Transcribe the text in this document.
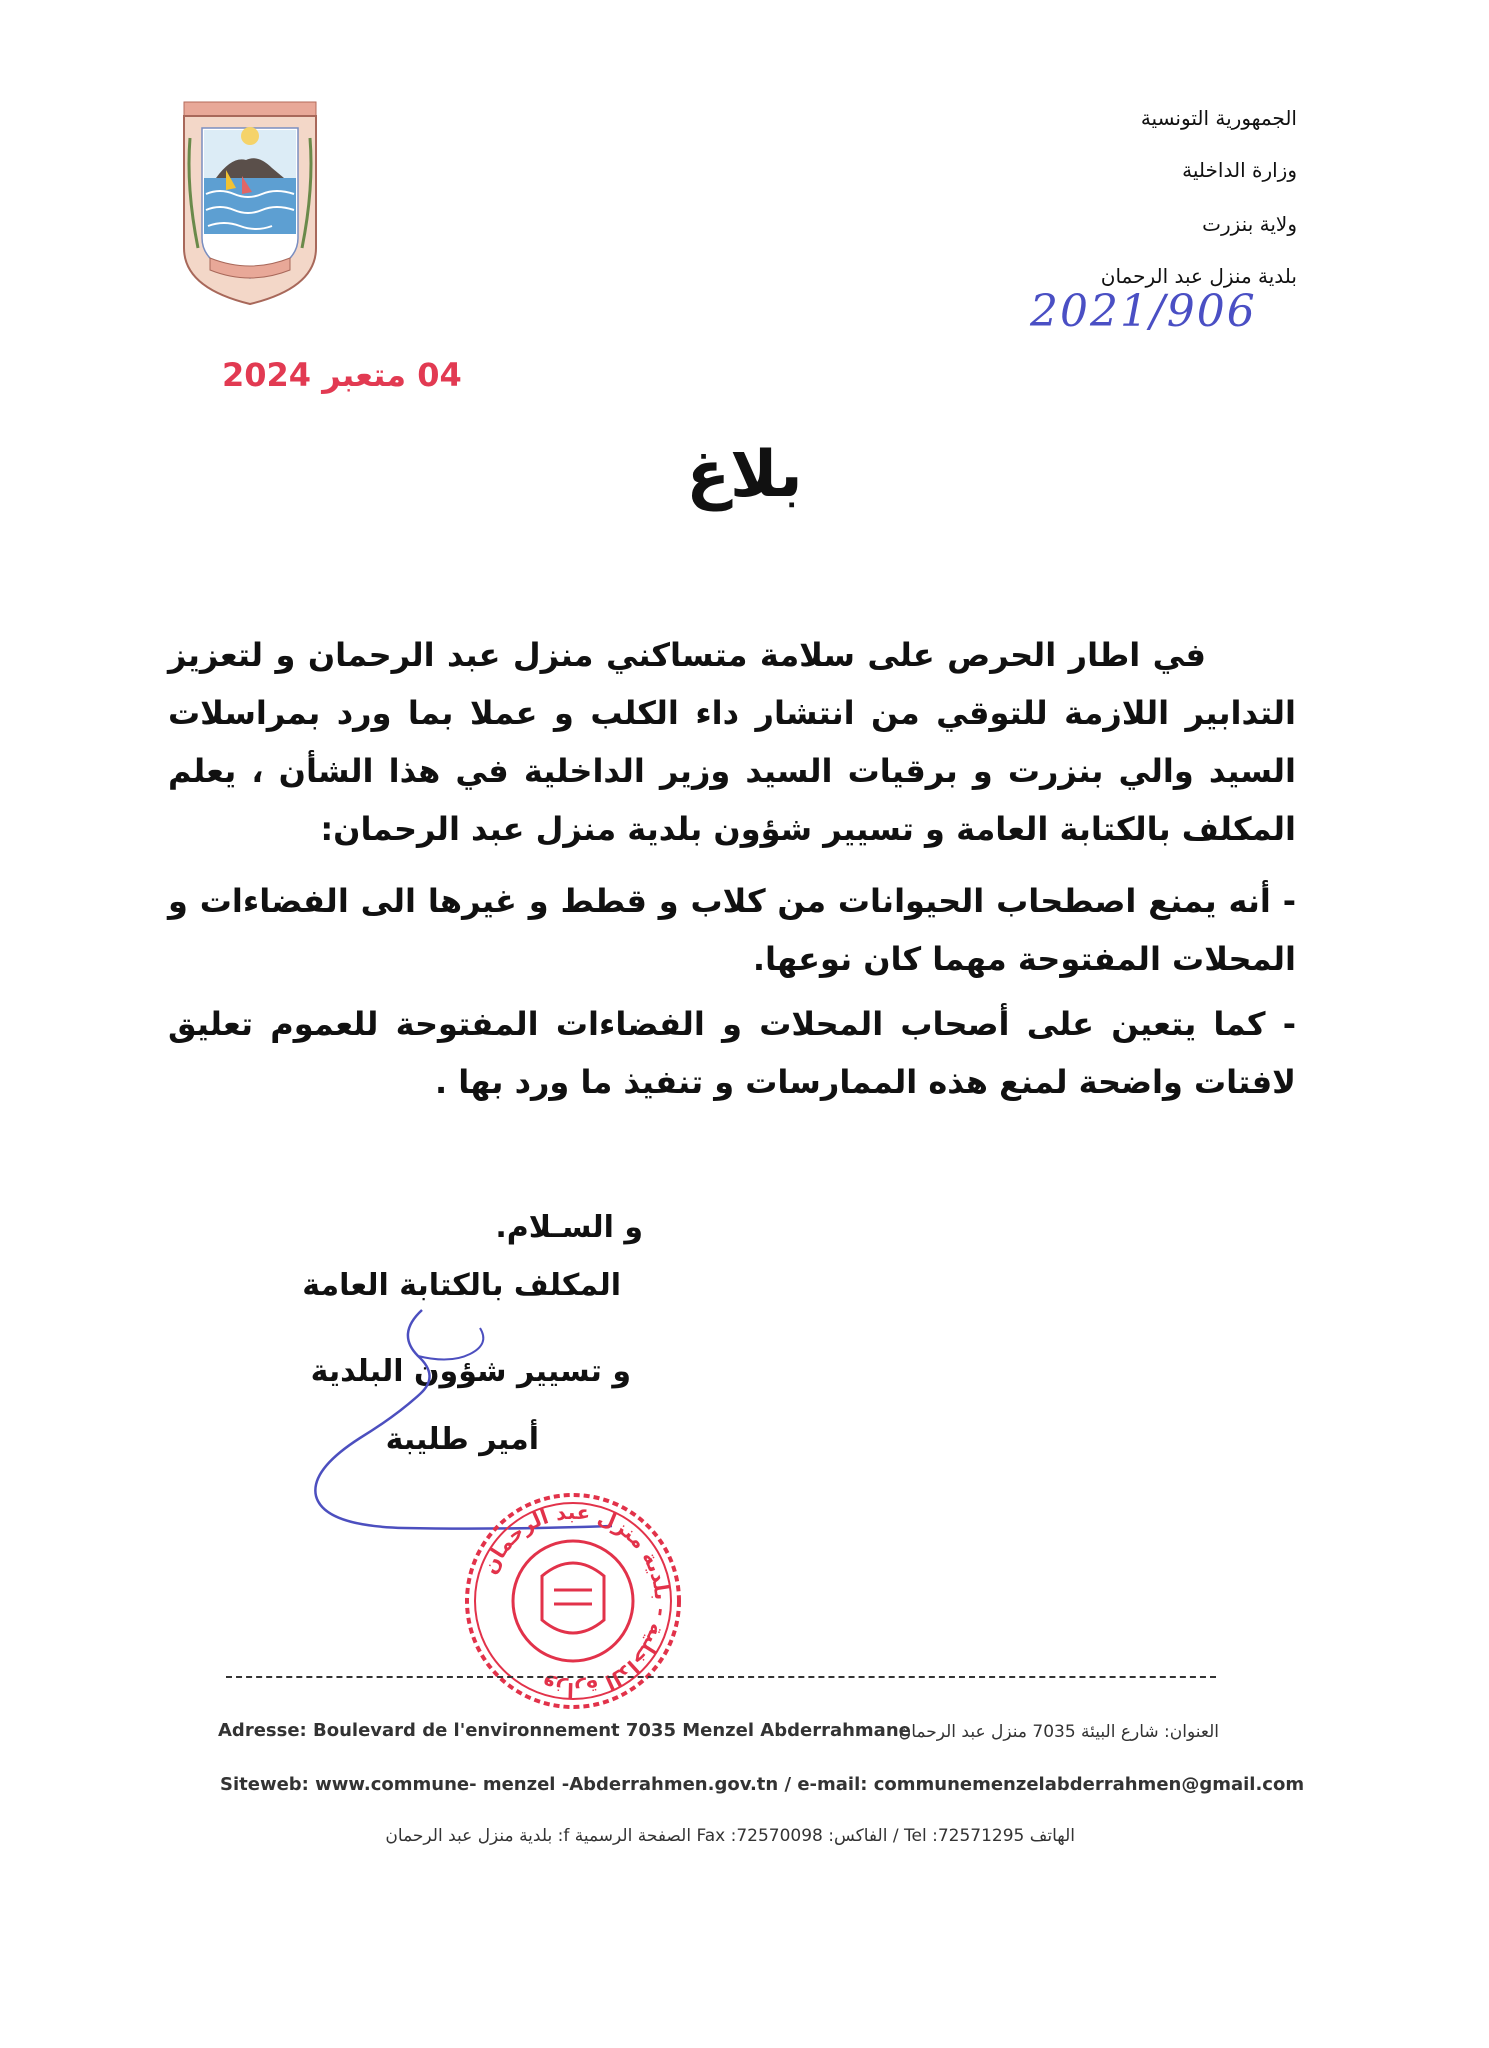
الجمهورية التونسية
وزارة الداخلية
ولاية بنزرت
بلدية منزل عبد الرحمان
2021/906
04 متعبر 2024
بلاغ
في اطار الحرص على سلامة متساكني منزل عبد الرحمان و لتعزيز التدابير اللازمة للتوقي من انتشار داء الكلب و عملا بما ورد بمراسلات السيد والي بنزرت و برقيات السيد وزير الداخلية في هذا الشأن ، يعلم المكلف بالكتابة العامة و تسيير شؤون بلدية منزل عبد الرحمان:
- أنه يمنع اصطحاب الحيوانات من كلاب و قطط و غيرها الى الفضاءات و المحلات المفتوحة مهما كان نوعها.
- كما يتعين على أصحاب المحلات و الفضاءات المفتوحة للعموم تعليق لافتات واضحة لمنع هذه الممارسات و تنفيذ ما ورد بها .
و السـلام.
المكلف بالكتابة العامة
و تسيير شؤون البلدية
أمير طليبة
وزارة الداخلية - بلدية منزل عبد الرحمان
Adresse: Boulevard de l'environnement 7035 Menzel Abderrahmane
العنوان: شارع البيئة 7035 منزل عبد الرحمان
Siteweb: www.commune- menzel -Abderrahmen.gov.tn / e-mail: communemenzelabderrahmen@gmail.com
الهاتف 72571295: Tel / الفاكس: 72570098: Fax الصفحة الرسمية f: بلدية منزل عبد الرحمان
